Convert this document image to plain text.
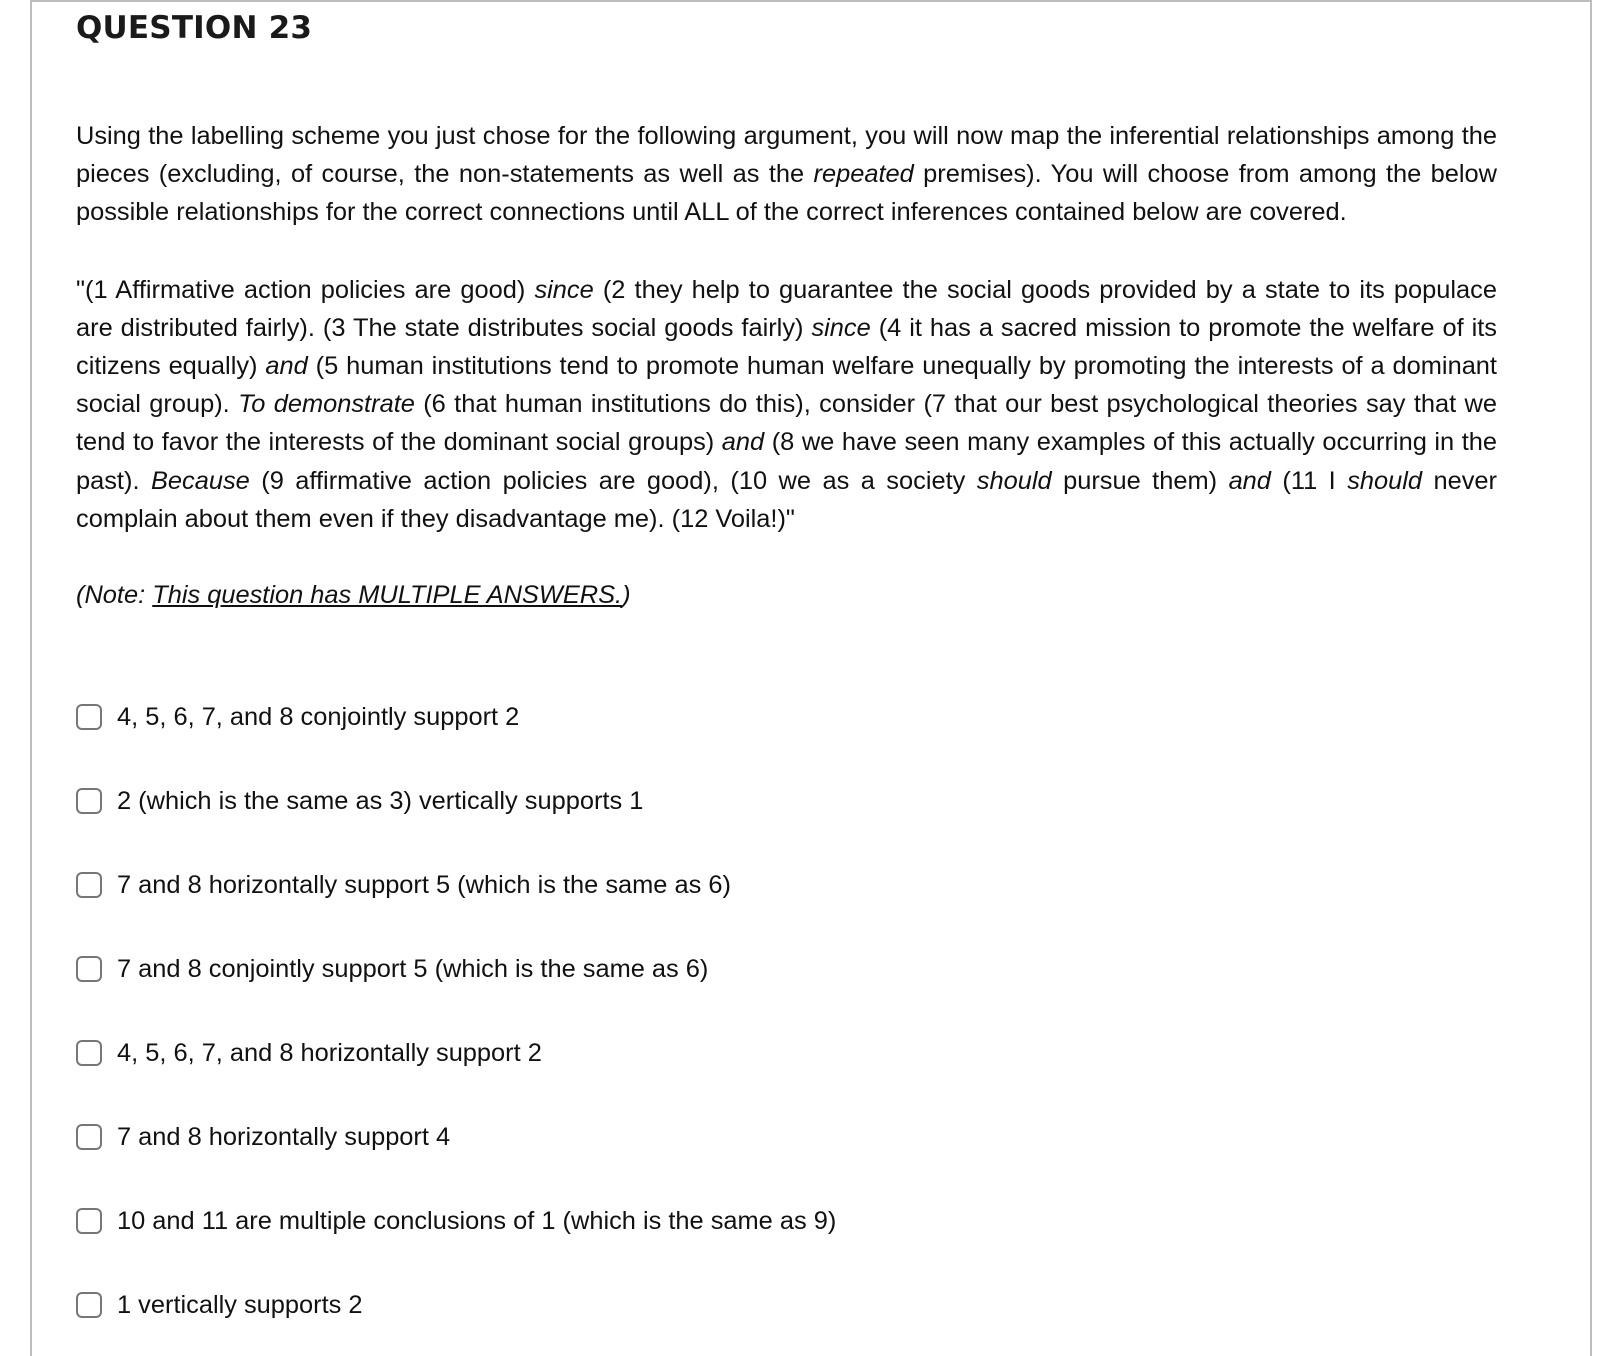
QUESTION 23

Using the labelling scheme you just chose for the following argument, you will now map the inferential relationships among the pieces (excluding, of course, the non-statements as well as the repeated premises). You will choose from among the below possible relationships for the correct connections until ALL of the correct inferences contained below are covered.

"(1 Affirmative action policies are good) since (2 they help to guarantee the social goods provided by a state to its populace are distributed fairly). (3 The state distributes social goods fairly) since (4 it has a sacred mission to promote the welfare of its citizens equally) and (5 human institutions tend to promote human welfare unequally by promoting the interests of a dominant social group). To demonstrate (6 that human institutions do this), consider (7 that our best psychological theories say that we tend to favor the interests of the dominant social groups) and (8 we have seen many examples of this actually occurring in the past). Because (9 affirmative action policies are good), (10 we as a society should pursue them) and (11 I should never complain about them even if they disadvantage me). (12 Voila!)"

(Note: This question has MULTIPLE ANSWERS.)

4, 5, 6, 7, and 8 conjointly support 2
2 (which is the same as 3) vertically supports 1
7 and 8 horizontally support 5 (which is the same as 6)
7 and 8 conjointly support 5 (which is the same as 6)
4, 5, 6, 7, and 8 horizontally support 2
7 and 8 horizontally support 4
10 and 11 are multiple conclusions of 1 (which is the same as 9)
1 vertically supports 2
